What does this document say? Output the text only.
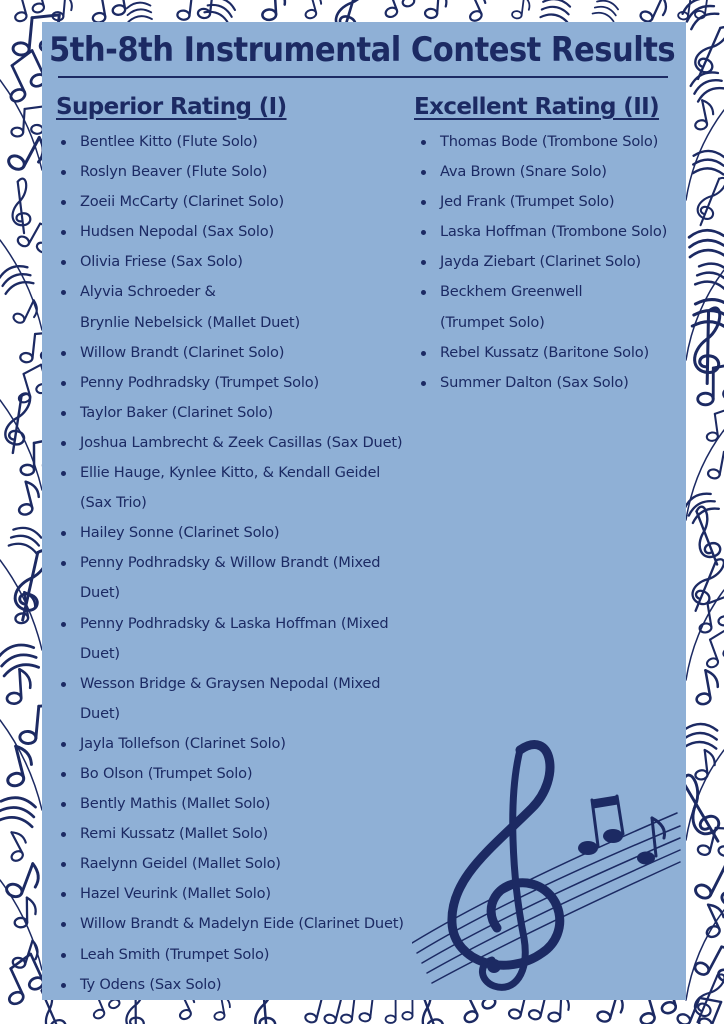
5th-8th Instrumental Contest Results
Superior Rating (I)	Excellent Rating (II)
Bentlee Kitto (Flute Solo)
Roslyn Beaver (Flute Solo)
Zoeii McCarty (Clarinet Solo)
Hudsen Nepodal (Sax Solo)
Olivia Friese (Sax Solo)
Alyvia Schroeder &
Brynlie Nebelsick (Mallet Duet)
Willow Brandt (Clarinet Solo)
Penny Podhradsky (Trumpet Solo)
Taylor Baker (Clarinet Solo)
Joshua Lambrecht & Zeek Casillas (Sax Duet)
Ellie Hauge, Kynlee Kitto, & Kendall Geidel
(Sax Trio)
Hailey Sonne (Clarinet Solo)
Penny Podhradsky & Willow Brandt (Mixed
Duet)
Penny Podhradsky & Laska Hoffman (Mixed
Duet)
Wesson Bridge & Graysen Nepodal (Mixed
Duet)
Jayla Tollefson (Clarinet Solo)
Bo Olson (Trumpet Solo)
Bently Mathis (Mallet Solo)
Remi Kussatz (Mallet Solo)
Raelynn Geidel (Mallet Solo)
Hazel Veurink (Mallet Solo)
Willow Brandt & Madelyn Eide (Clarinet Duet)
Leah Smith (Trumpet Solo)
Ty Odens (Sax Solo)
Thomas Bode (Trombone Solo)
Ava Brown (Snare Solo)
Jed Frank (Trumpet Solo)
Laska Hoffman (Trombone Solo)
Jayda Ziebart (Clarinet Solo)
Beckhem Greenwell
(Trumpet Solo)
Rebel Kussatz (Baritone Solo)
Summer Dalton (Sax Solo)
